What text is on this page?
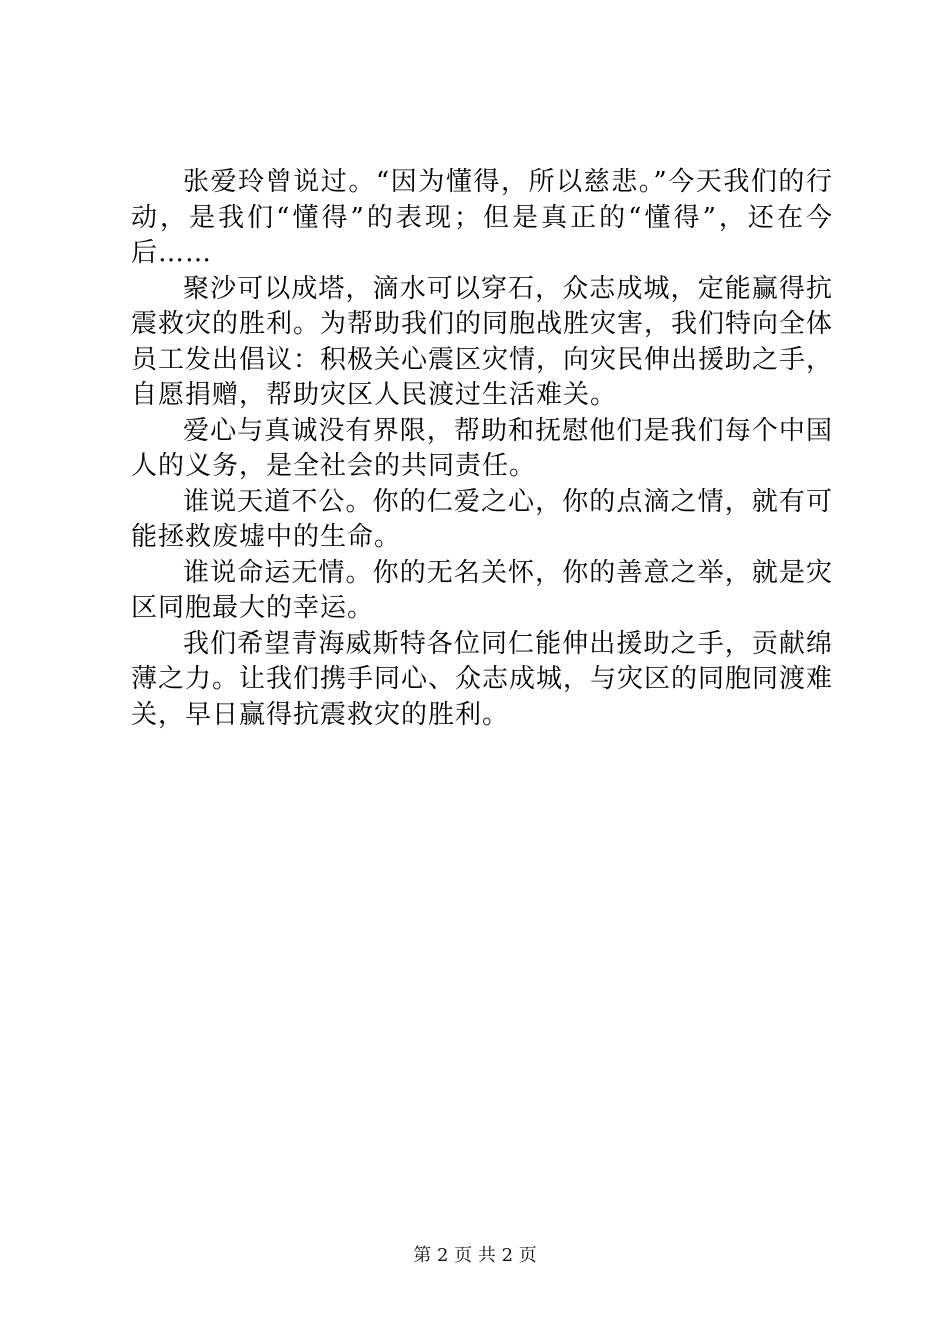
张爱玲曾说过。“因为懂得，所以慈悲。”今天我们的行动，是我们“懂得”的表现；但是真正的“懂得”，还在今后……

聚沙可以成塔，滴水可以穿石，众志成城，定能赢得抗震救灾的胜利。为帮助我们的同胞战胜灾害，我们特向全体员工发出倡议：积极关心震区灾情，向灾民伸出援助之手，自愿捐赠，帮助灾区人民渡过生活难关。

爱心与真诚没有界限，帮助和抚慰他们是我们每个中国人的义务，是全社会的共同责任。

谁说天道不公。你的仁爱之心，你的点滴之情，就有可能拯救废墟中的生命。

谁说命运无情。你的无名关怀，你的善意之举，就是灾区同胞最大的幸运。

我们希望青海威斯特各位同仁能伸出援助之手，贡献绵薄之力。让我们携手同心、众志成城，与灾区的同胞同渡难关，早日赢得抗震救灾的胜利。

第 2 页 共 2 页
